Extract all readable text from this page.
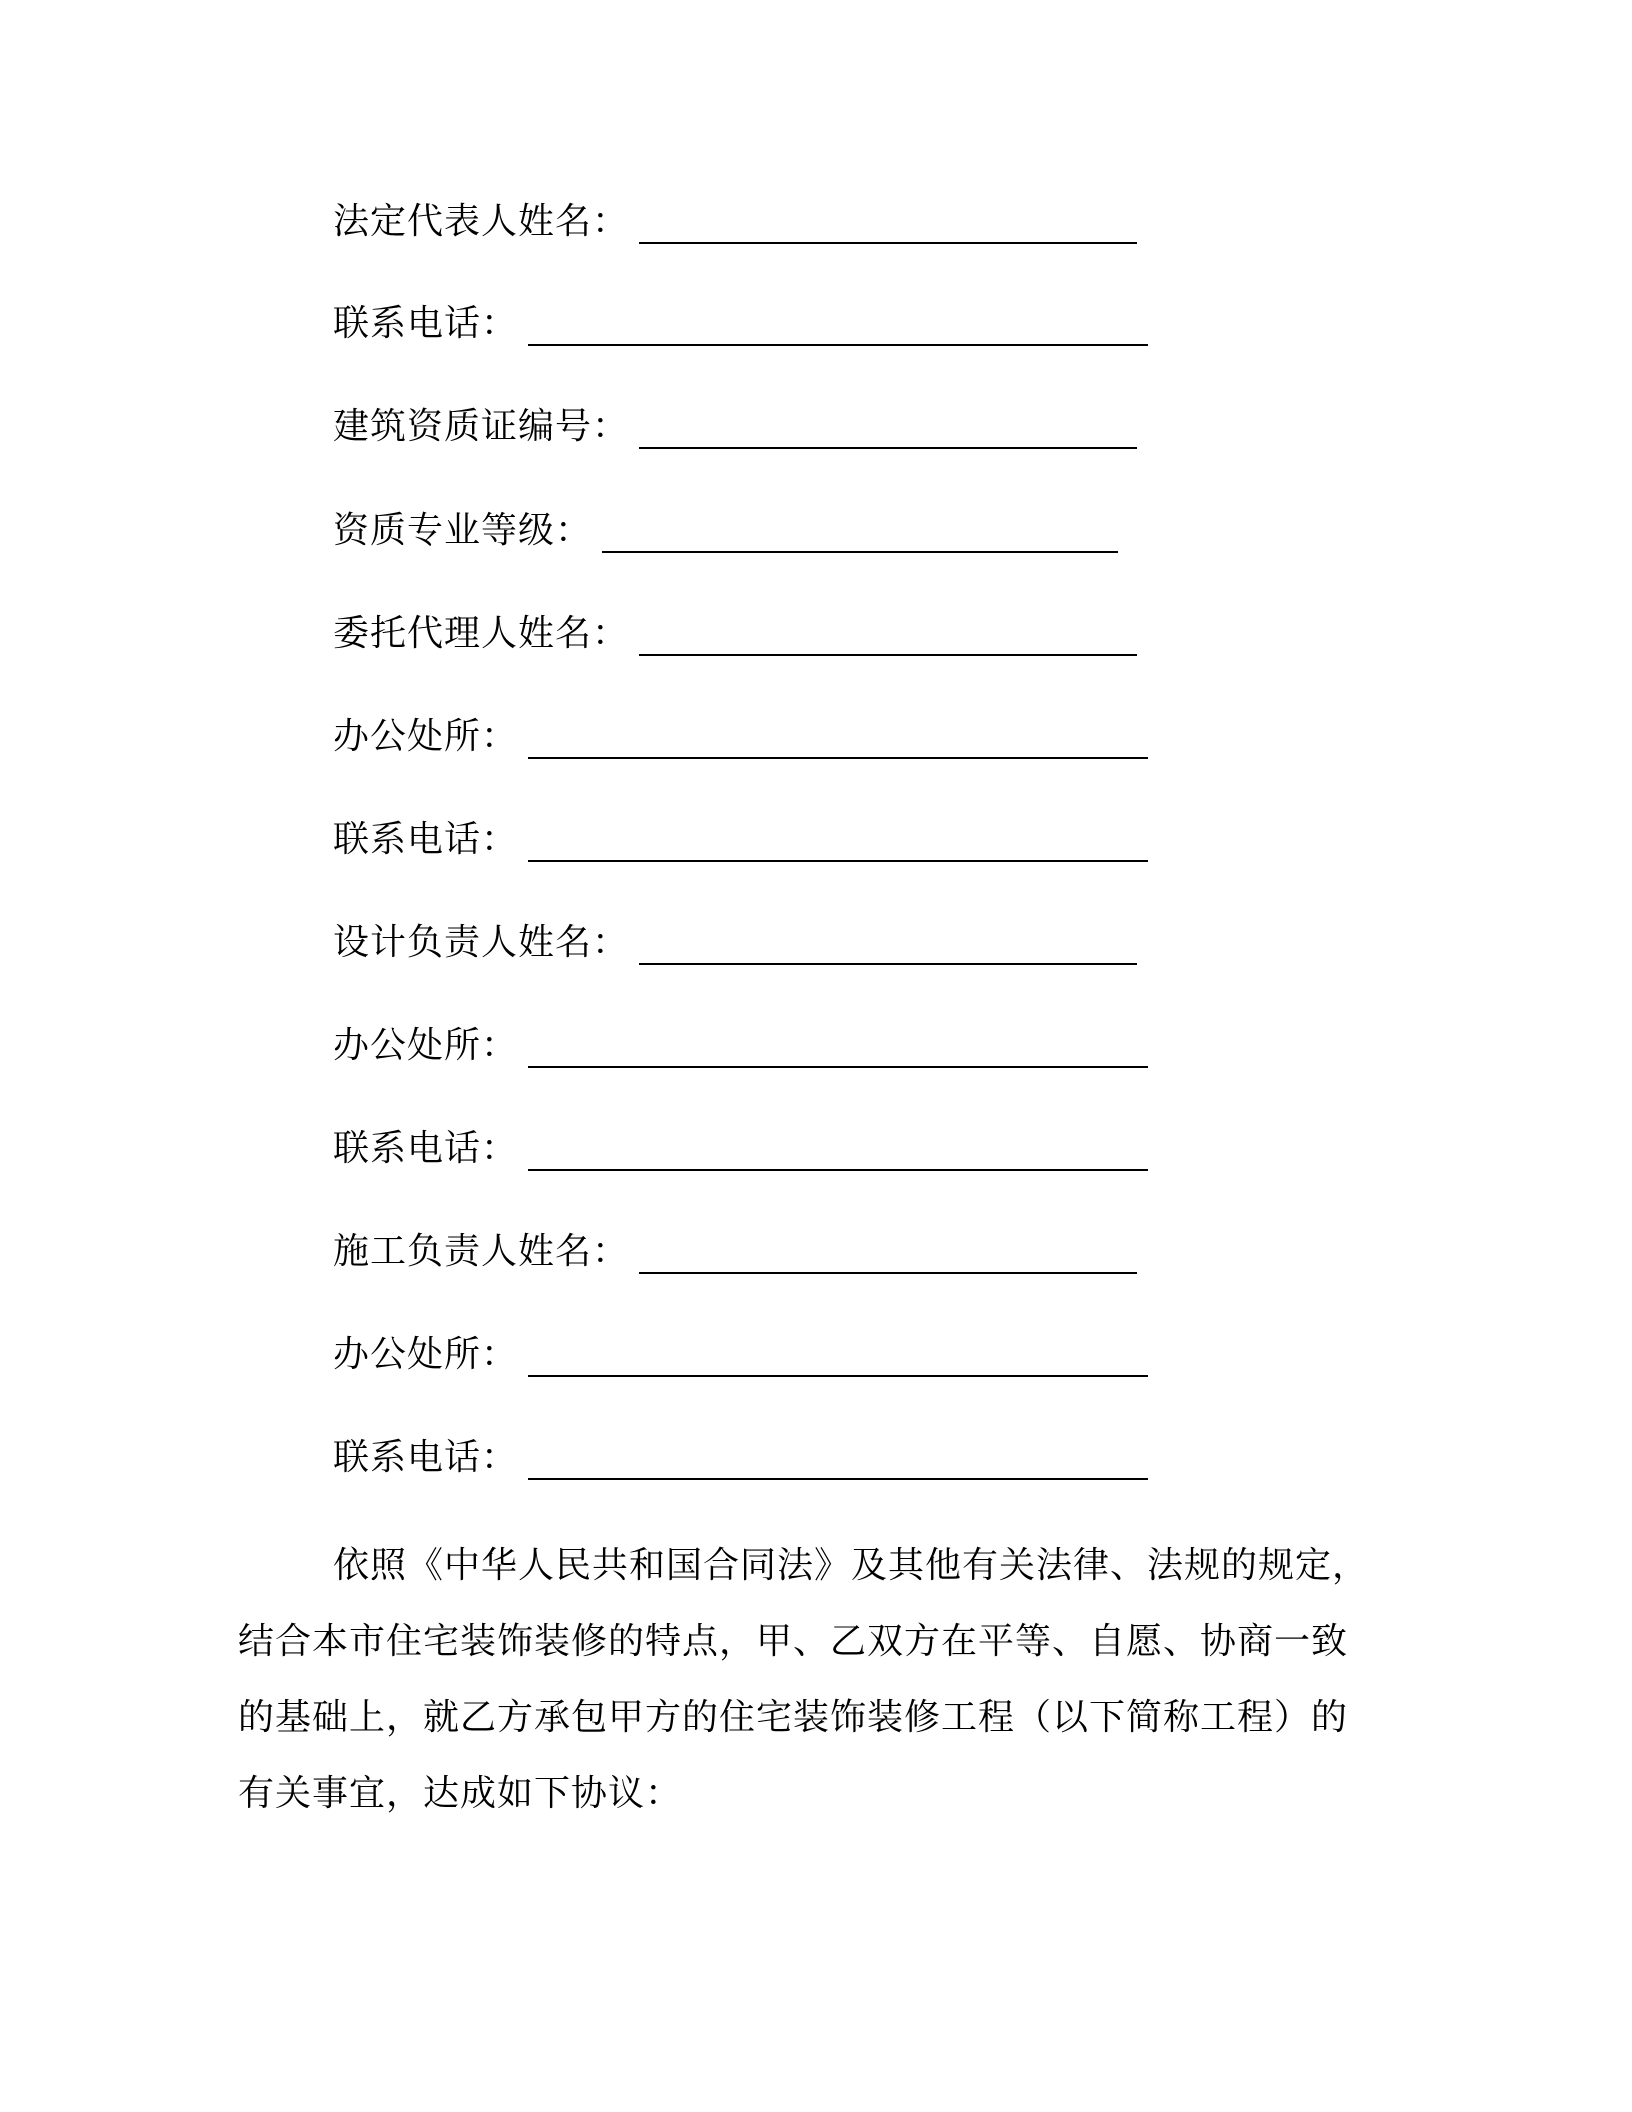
法定代表人姓名：
联系电话：
建筑资质证编号：
资质专业等级：
委托代理人姓名：
办公处所：
联系电话：
设计负责人姓名：
办公处所：
联系电话：
施工负责人姓名：
办公处所：
联系电话：
依照《中华人民共和国合同法》及其他有关法律、法规的规定，
结合本市住宅装饰装修的特点，甲、乙双方在平等、自愿、协商一致
的基础上，就乙方承包甲方的住宅装饰装修工程（以下简称工程）的
有关事宜，达成如下协议：
